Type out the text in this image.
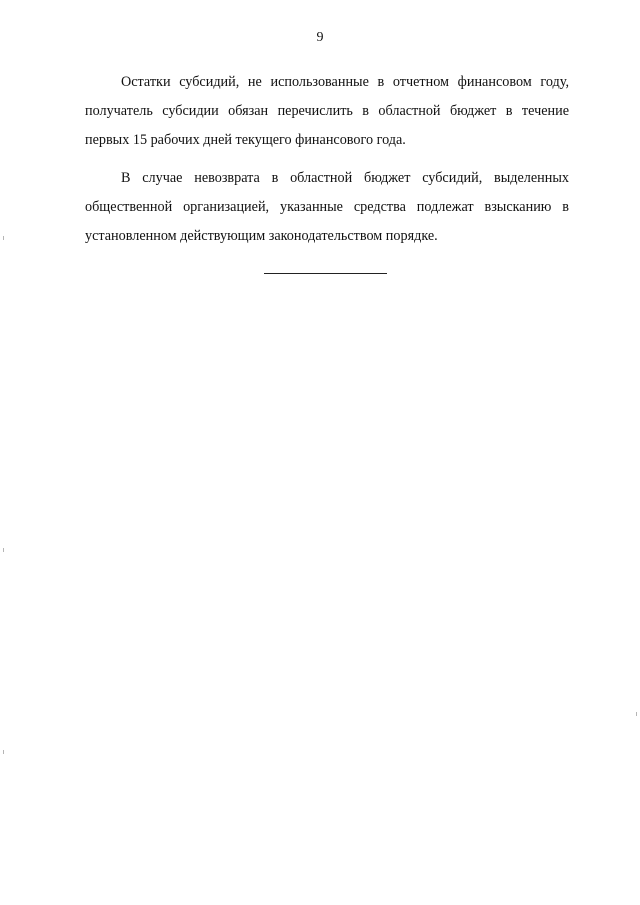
9

Остатки субсидий, не использованные в отчетном финансовом году, получатель субсидии обязан перечислить в областной бюджет в течение первых 15 рабочих дней текущего финансового года.

В случае невозврата в областной бюджет субсидий, выделенных общественной организацией, указанные средства подлежат взысканию в установленном действующим законодательством порядке.
